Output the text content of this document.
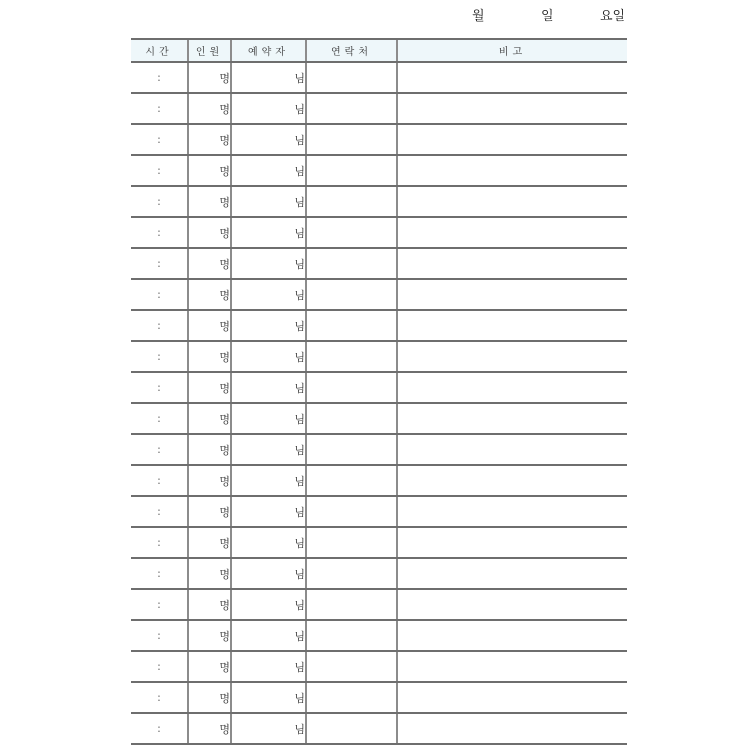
월	일	요일
시간	인원	예약자	연락처	비고
:	명	님		
:	명	님		
:	명	님		
:	명	님		
:	명	님		
:	명	님		
:	명	님		
:	명	님		
:	명	님		
:	명	님		
:	명	님		
:	명	님		
:	명	님		
:	명	님		
:	명	님		
:	명	님		
:	명	님		
:	명	님		
:	명	님		
:	명	님		
:	명	님		
:	명	님		
